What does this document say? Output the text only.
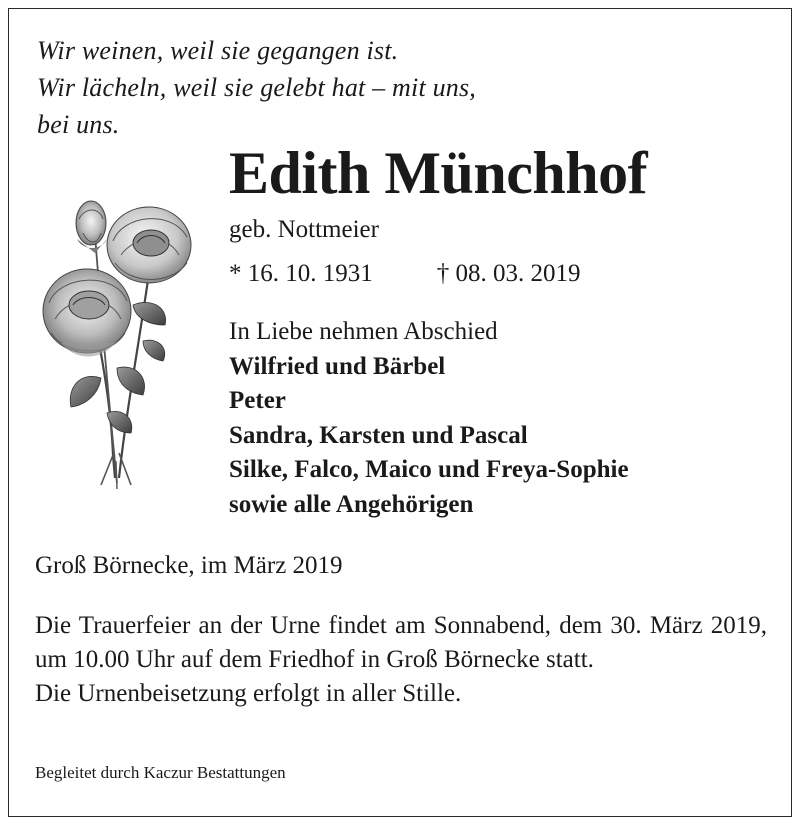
Wir weinen, weil sie gegangen ist.
Wir lächeln, weil sie gelebt hat – mit uns,
bei uns.
Edith Münchhof
geb. Nottmeier
* 16. 10. 1931	† 08. 03. 2019
In Liebe nehmen Abschied
Wilfried und Bärbel
Peter
Sandra, Karsten und Pascal
Silke, Falco, Maico und Freya-Sophie
sowie alle Angehörigen
Groß Börnecke, im März 2019
Die Trauerfeier an der Urne findet am Sonnabend, dem 30. März 2019, um 10.00 Uhr auf dem Friedhof in Groß Börnecke statt.
Die Urnenbeisetzung erfolgt in aller Stille.
Begleitet durch Kaczur Bestattungen
